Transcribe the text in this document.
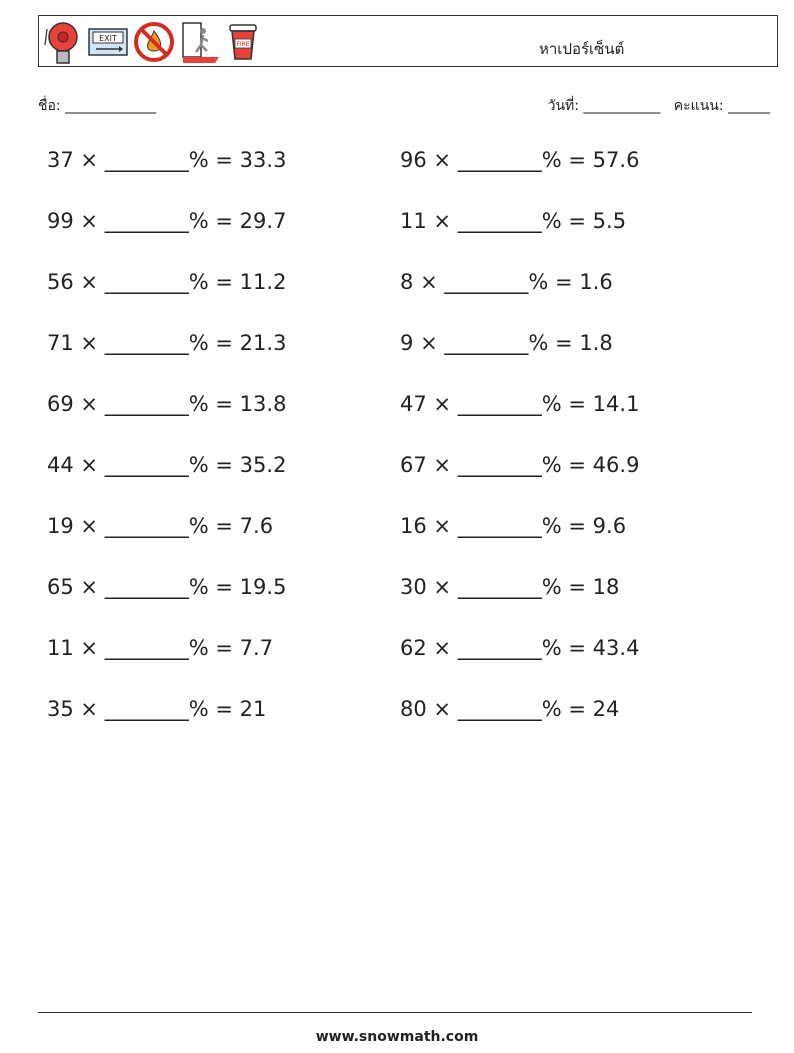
EXIT
FIRE	หาเปอร์เซ็นต์
ชื่อ: _____________	วันที่: ___________ คะแนน: ______
37 × ________% = 33.3	96 × ________% = 57.6
99 × ________% = 29.7	11 × ________% = 5.5
56 × ________% = 11.2	8 × ________% = 1.6
71 × ________% = 21.3	9 × ________% = 1.8
69 × ________% = 13.8	47 × ________% = 14.1
44 × ________% = 35.2	67 × ________% = 46.9
19 × ________% = 7.6	16 × ________% = 9.6
65 × ________% = 19.5	30 × ________% = 18
11 × ________% = 7.7	62 × ________% = 43.4
35 × ________% = 21	80 × ________% = 24
www.snowmath.com
